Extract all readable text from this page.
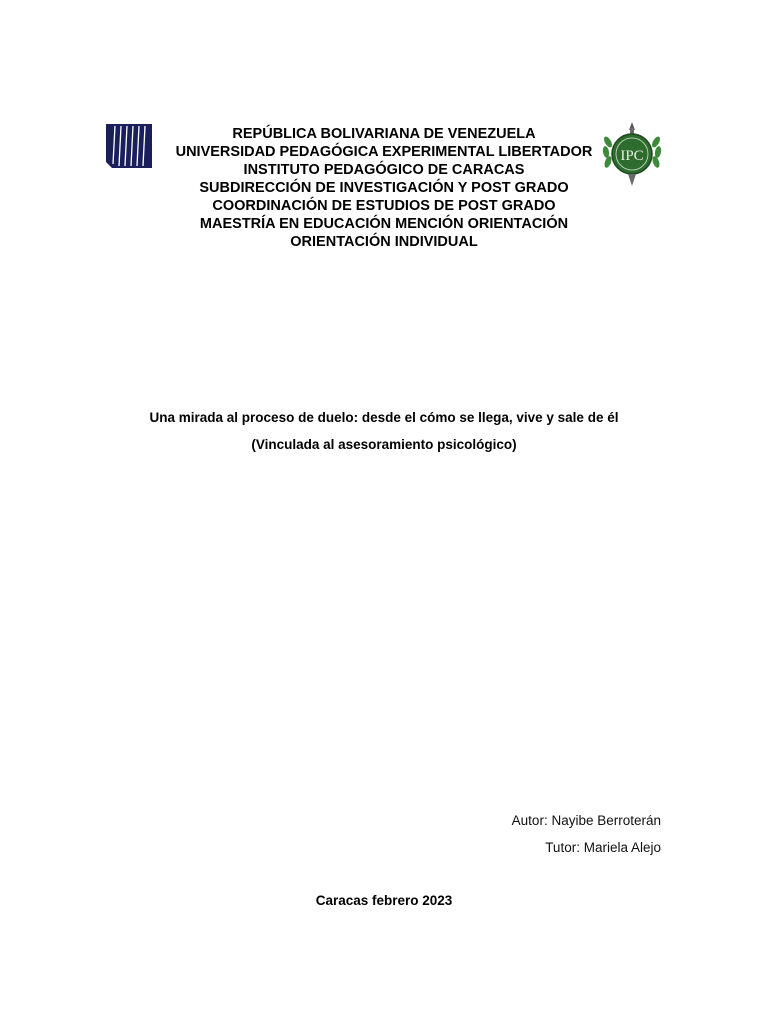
REPÚBLICA BOLIVARIANA DE VENEZUELA
UNIVERSIDAD PEDAGÓGICA EXPERIMENTAL LIBERTADOR
INSTITUTO PEDAGÓGICO DE CARACAS
SUBDIRECCIÓN DE INVESTIGACIÓN Y POST GRADO
COORDINACIÓN DE ESTUDIOS DE POST GRADO
MAESTRÍA EN EDUCACIÓN MENCIÓN ORIENTACIÓN
ORIENTACIÓN INDIVIDUAL
IPC
Una mirada al proceso de duelo: desde el cómo se llega, vive y sale de él
(Vinculada al asesoramiento psicológico)
Autor: Nayibe Berroterán
Tutor: Mariela Alejo
Caracas febrero 2023
